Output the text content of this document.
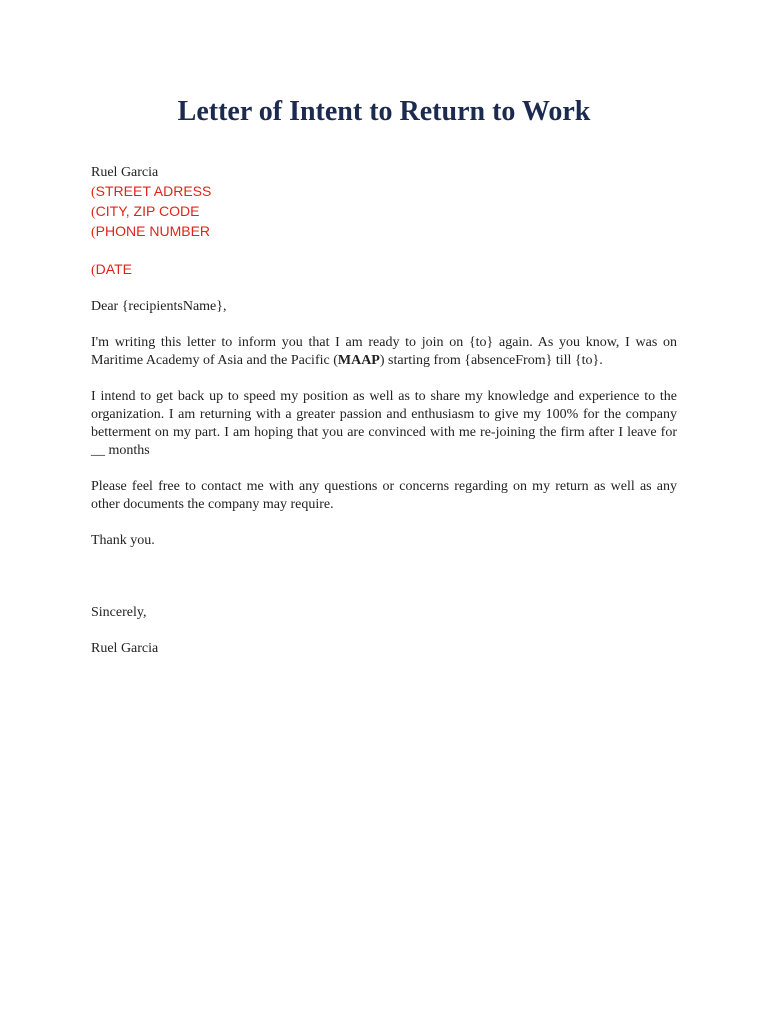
Letter of Intent to Return to Work
Ruel Garcia
(STREET ADRESS
(CITY, ZIP CODE
(PHONE NUMBER
(DATE
Dear {recipientsName},

I'm writing this letter to inform you that I am ready to join on {to} again. As you know, I was on Maritime Academy of Asia and the Pacific (MAAP) starting from {absenceFrom} till {to}.

I intend to get back up to speed my position as well as to share my knowledge and experience to the organization. I am returning with a greater passion and enthusiasm to give my 100% for the company betterment on my part. I am hoping that you are convinced with me re-joining the firm after I leave for __ months

Please feel free to contact me with any questions or concerns regarding on my return as well as any other documents the company may require.

Thank you.
Sincerely,
Ruel Garcia
